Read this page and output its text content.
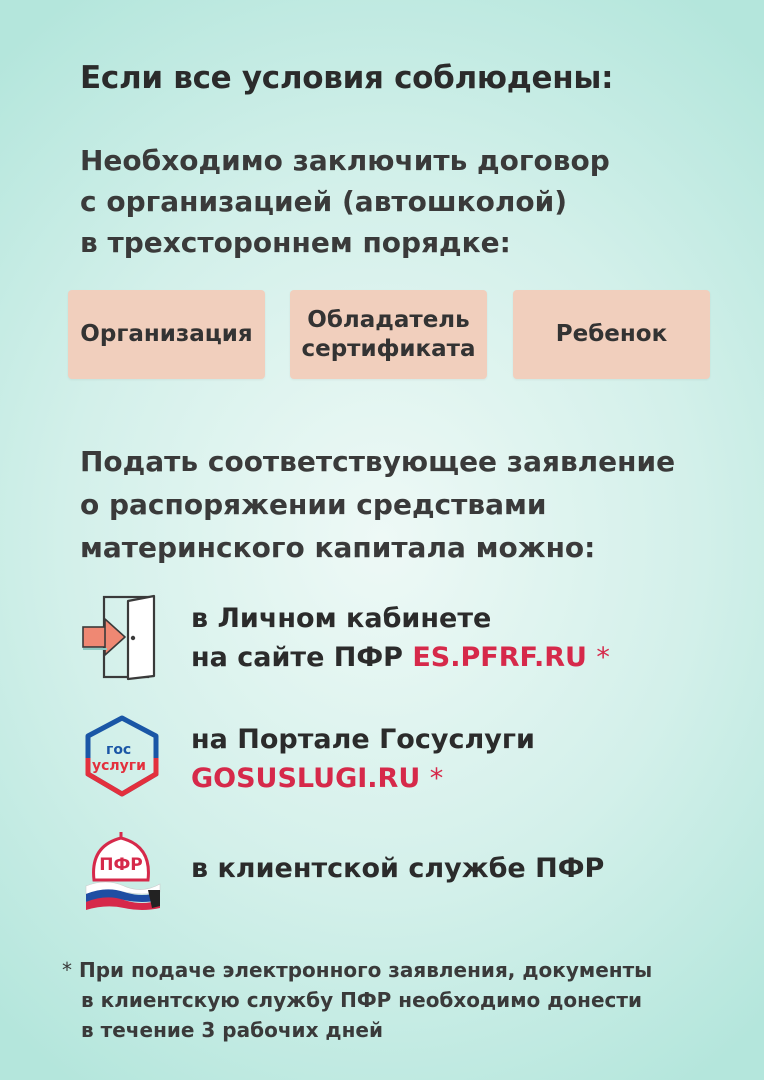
Если все условия соблюдены:

Необходимо заключить договор
с организацией (автошколой)
в трехстороннем порядке:

Организация
Обладатель
сертификата
Ребенок

Подать соответствующее заявление
о распоряжении средствами
материнского капитала можно:

в Личном кабинете
на сайте ПФР ES.PFRF.RU *
гос
услуги
на Портале Госуслуги
GOSUSLUGI.RU *
ПФР в клиентской службе ПФР

* При подаче электронного заявления, документы
в клиентскую службу ПФР необходимо донести
в течение 3 рабочих дней
